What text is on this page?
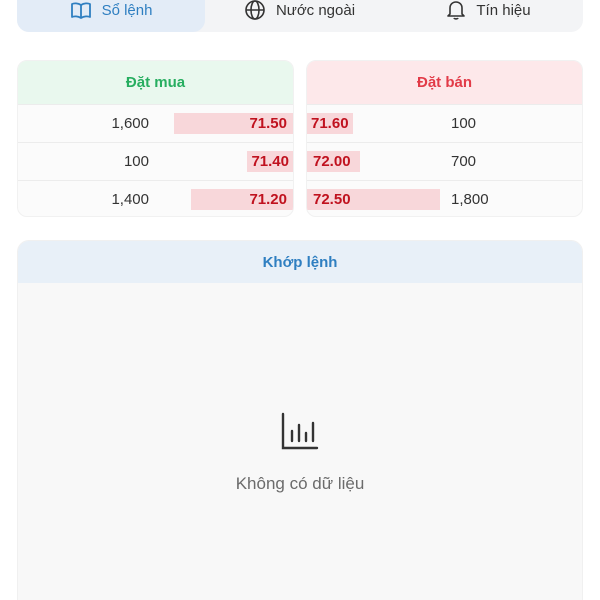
Sổ lệnh	Nước ngoài	Tín hiệu
Đặt mua
1,600	71.50
100	71.40
1,400	71.20
Đặt bán
71.60	100
72.00	700
72.50	1,800
Khớp lệnh
Không có dữ liệu
